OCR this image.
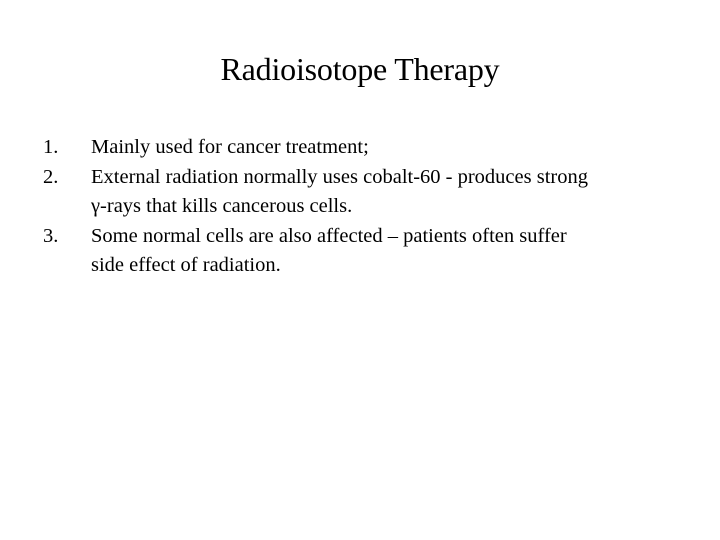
Radioisotope Therapy
1.	Mainly used for cancer treatment;
2.	External radiation normally uses cobalt-60 - produces strong
γ-rays that kills cancerous cells.
3.	Some normal cells are also affected – patients often suffer
side effect of radiation.
